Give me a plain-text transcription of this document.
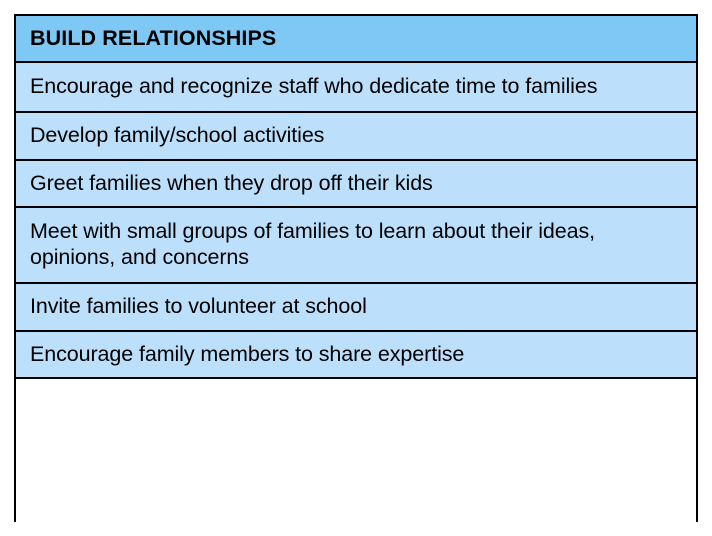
BUILD RELATIONSHIPS
Encourage and recognize staff who dedicate time to families
Develop family/school activities
Greet families when they drop off their kids
Meet with small groups of families to learn about their ideas, opinions, and concerns
Invite families to volunteer at school
Encourage family members to share expertise
